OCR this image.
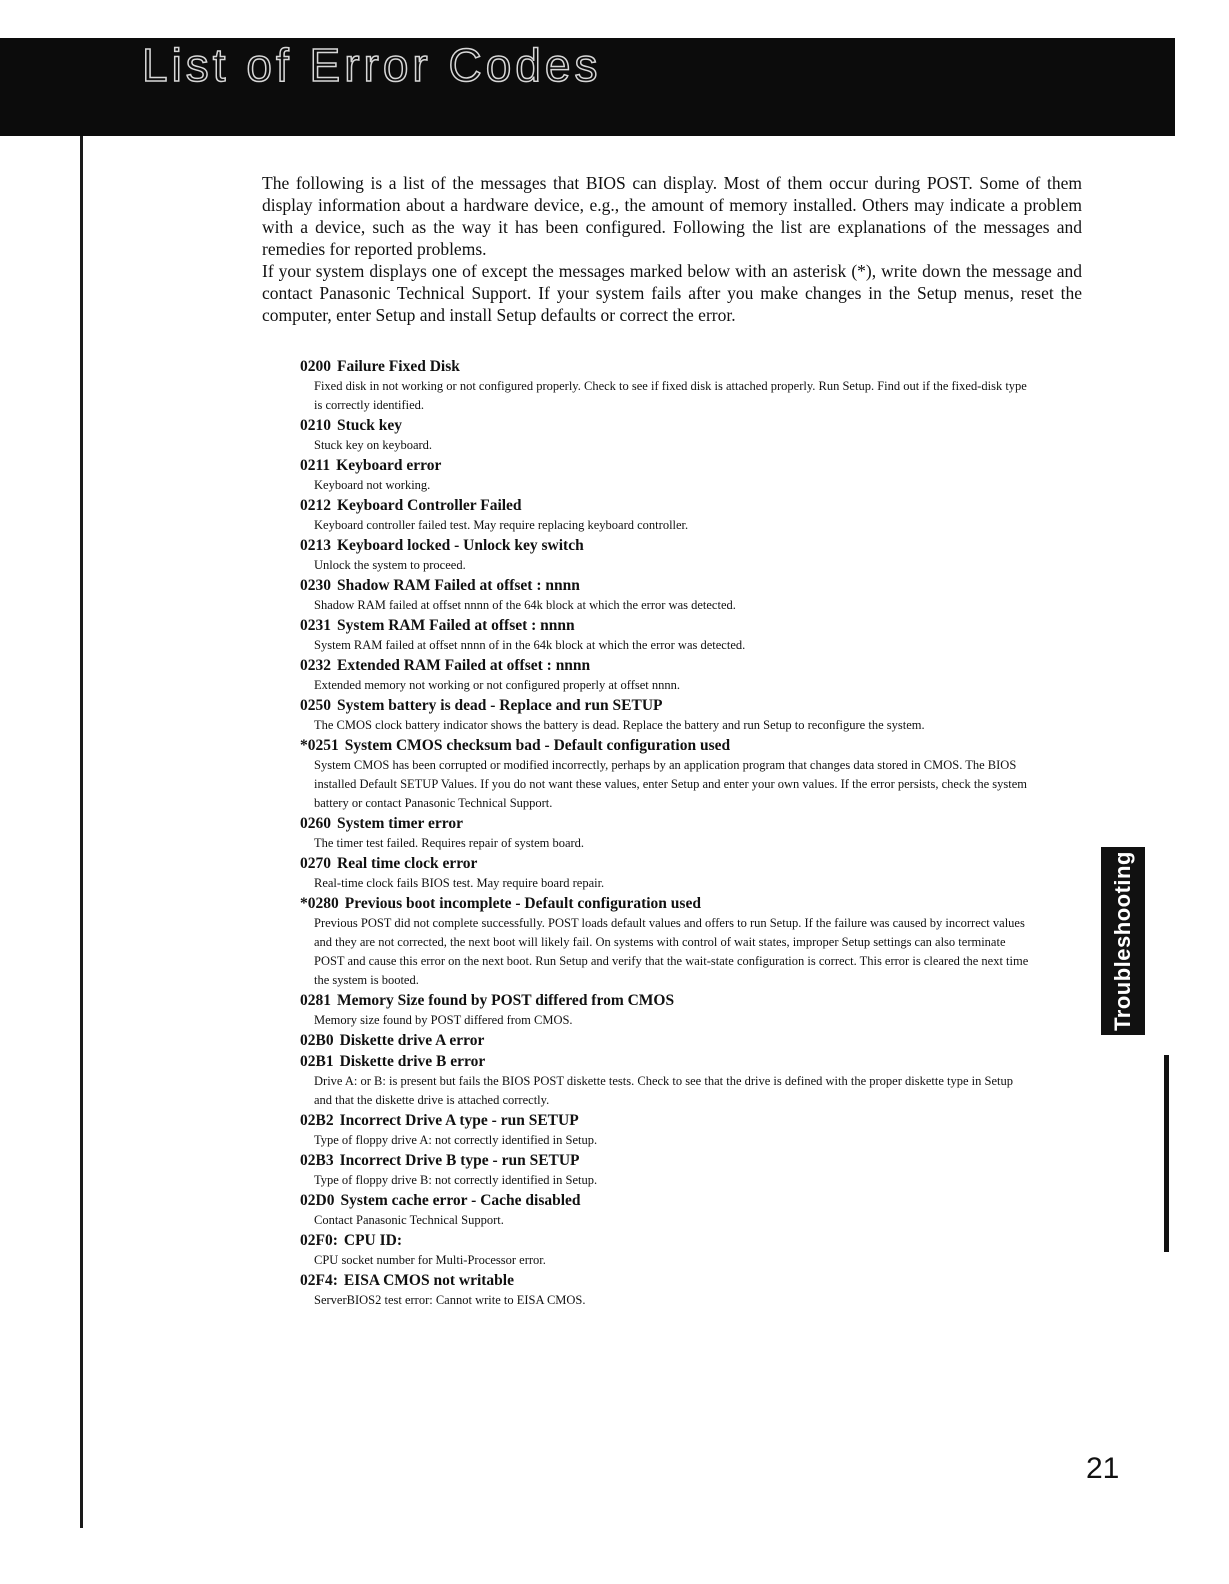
List of Error Codes

The following is a list of the messages that BIOS can display. Most of them occur during POST. Some of them display information about a hardware device, e.g., the amount of memory installed. Others may indicate a problem with a device, such as the way it has been configured. Following the list are explanations of the messages and remedies for reported problems.

If your system displays one of except the messages marked below with an asterisk (*), write down the message and contact Panasonic Technical Support. If your system fails after you make changes in the Setup menus, reset the computer, enter Setup and install Setup defaults or correct the error.

0200 Failure Fixed Disk
Fixed disk in not working or not configured properly. Check to see if fixed disk is attached properly. Run Setup. Find out if the fixed-disk type is correctly identified.
0210 Stuck key
Stuck key on keyboard.
0211 Keyboard error
Keyboard not working.
0212 Keyboard Controller Failed
Keyboard controller failed test. May require replacing keyboard controller.
0213 Keyboard locked - Unlock key switch
Unlock the system to proceed.
0230 Shadow RAM Failed at offset : nnnn
Shadow RAM failed at offset nnnn of the 64k block at which the error was detected.
0231 System RAM Failed at offset : nnnn
System RAM failed at offset nnnn of in the 64k block at which the error was detected.
0232 Extended RAM Failed at offset : nnnn
Extended memory not working or not configured properly at offset nnnn.
0250 System battery is dead - Replace and run SETUP
The CMOS clock battery indicator shows the battery is dead. Replace the battery and run Setup to reconfigure the system.
*0251 System CMOS checksum bad - Default configuration used
System CMOS has been corrupted or modified incorrectly, perhaps by an application program that changes data stored in CMOS. The BIOS installed Default SETUP Values. If you do not want these values, enter Setup and enter your own values. If the error persists, check the system battery or contact Panasonic Technical Support.
0260 System timer error
The timer test failed. Requires repair of system board.
0270 Real time clock error
Real-time clock fails BIOS test. May require board repair.
*0280 Previous boot incomplete - Default configuration used
Previous POST did not complete successfully. POST loads default values and offers to run Setup. If the failure was caused by incorrect values and they are not corrected, the next boot will likely fail. On systems with control of wait states, improper Setup settings can also terminate POST and cause this error on the next boot. Run Setup and verify that the wait-state configuration is correct. This error is cleared the next time the system is booted.
0281 Memory Size found by POST differed from CMOS
Memory size found by POST differed from CMOS.
02B0 Diskette drive A error
02B1 Diskette drive B error
Drive A: or B: is present but fails the BIOS POST diskette tests. Check to see that the drive is defined with the proper diskette type in Setup and that the diskette drive is attached correctly.
02B2 Incorrect Drive A type - run SETUP
Type of floppy drive A: not correctly identified in Setup.
02B3 Incorrect Drive B type - run SETUP
Type of floppy drive B: not correctly identified in Setup.
02D0 System cache error - Cache disabled
Contact Panasonic Technical Support.
02F0: CPU ID:
CPU socket number for Multi-Processor error.
02F4: EISA CMOS not writable
ServerBIOS2 test error: Cannot write to EISA CMOS.
Troubleshooting
21
